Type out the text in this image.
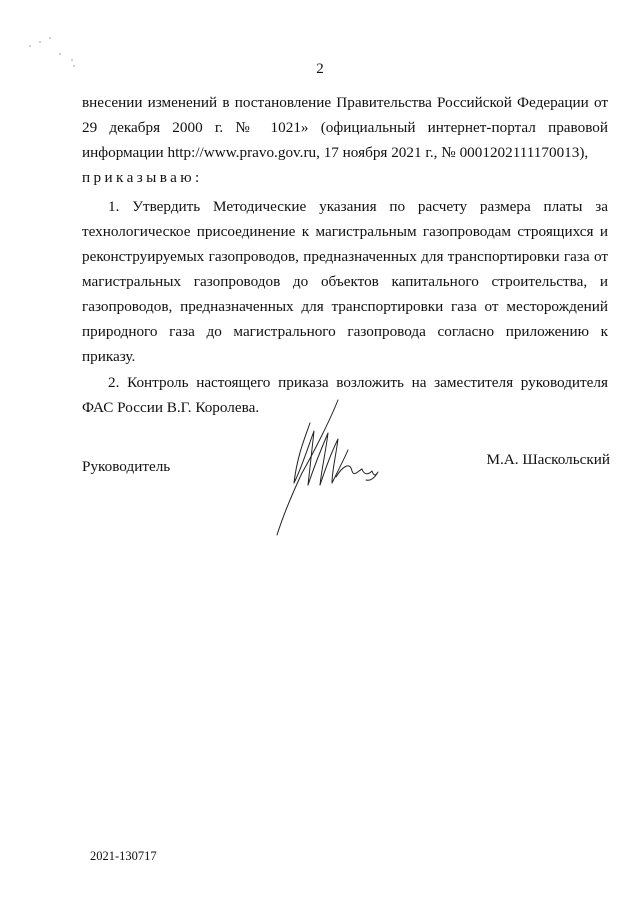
2

внесении изменений в постановление Правительства Российской Федерации от 29 декабря 2000 г. № 1021» (официальный интернет-портал правовой информации http://www.pravo.gov.ru, 17 ноября 2021 г., № 0001202111170013),

приказываю:

1. Утвердить Методические указания по расчету размера платы за технологическое присоединение к магистральным газопроводам строящихся и реконструируемых газопроводов, предназначенных для транспортировки газа от магистральных газопроводов до объектов капитального строительства, и газопроводов, предназначенных для транспортировки газа от месторождений природного газа до магистрального газопровода согласно приложению к приказу.

2. Контроль настоящего приказа возложить на заместителя руководителя ФАС России В.Г. Королева.

Руководитель	М.А. Шаскольский
2021-130717
